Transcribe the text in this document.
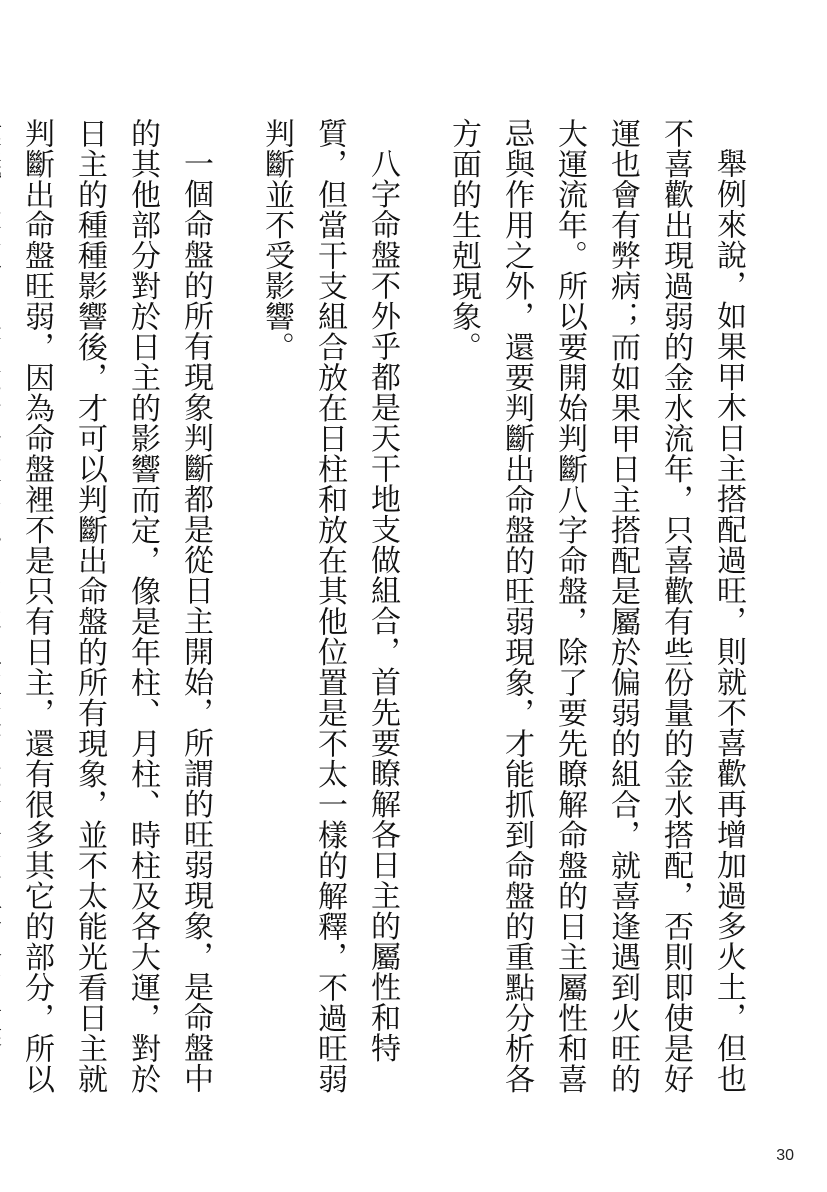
舉例來說，如果甲木日主搭配過旺，則就不喜歡再增加過多火土，但也不喜歡出現過弱的金水流年，只喜歡有些份量的金水搭配，否則即使是好運也會有弊病；而如果甲日主搭配是屬於偏弱的組合，就喜逢遇到火旺的大運流年。所以要開始判斷八字命盤，除了要先瞭解命盤的日主屬性和喜忌與作用之外，還要判斷出命盤的旺弱現象，才能抓到命盤的重點分析各方面的生剋現象。

八字命盤不外乎都是天干地支做組合，首先要瞭解各日主的屬性和特質，但當干支組合放在日柱和放在其他位置是不太一樣的解釋，不過旺弱判斷並不受影響。

一個命盤的所有現象判斷都是從日主開始，所謂的旺弱現象，是命盤中的其他部分對於日主的影響而定，像是年柱、月柱、時柱及各大運，對於日主的種種影響後，才可以判斷出命盤的所有現象，並不太能光看日主就判斷出命盤旺弱，因為命盤裡不是只有日主，還有很多其它的部分，所以

30
